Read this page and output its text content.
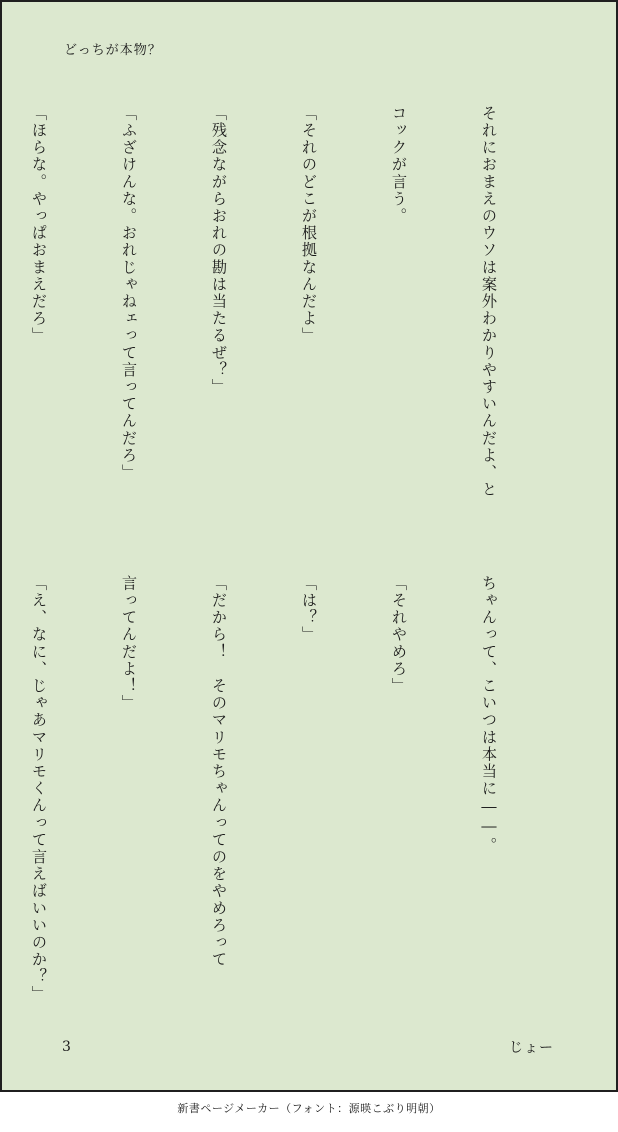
どっちが本物？

それにおまえのウソは案外わかりやすいんだよ、と

コックが言う。

「それのどこが根拠なんだよ」

「残念ながらおれの勘は当たるぜ？」

「ふざけんな。おれじゃねェって言ってんだろ」

「ほらな。やっぱおまえだろ」

ちゃんって、こいつは本当に――。

「それやめろ」

「は？」

「だから！　そのマリモちゃんってのをやめろって

言ってんだよ！」

「え、なに、じゃあマリモくんって言えばいいのか？」

3	じょー
新書ページメーカー（フォント：源暎こぶり明朝）
